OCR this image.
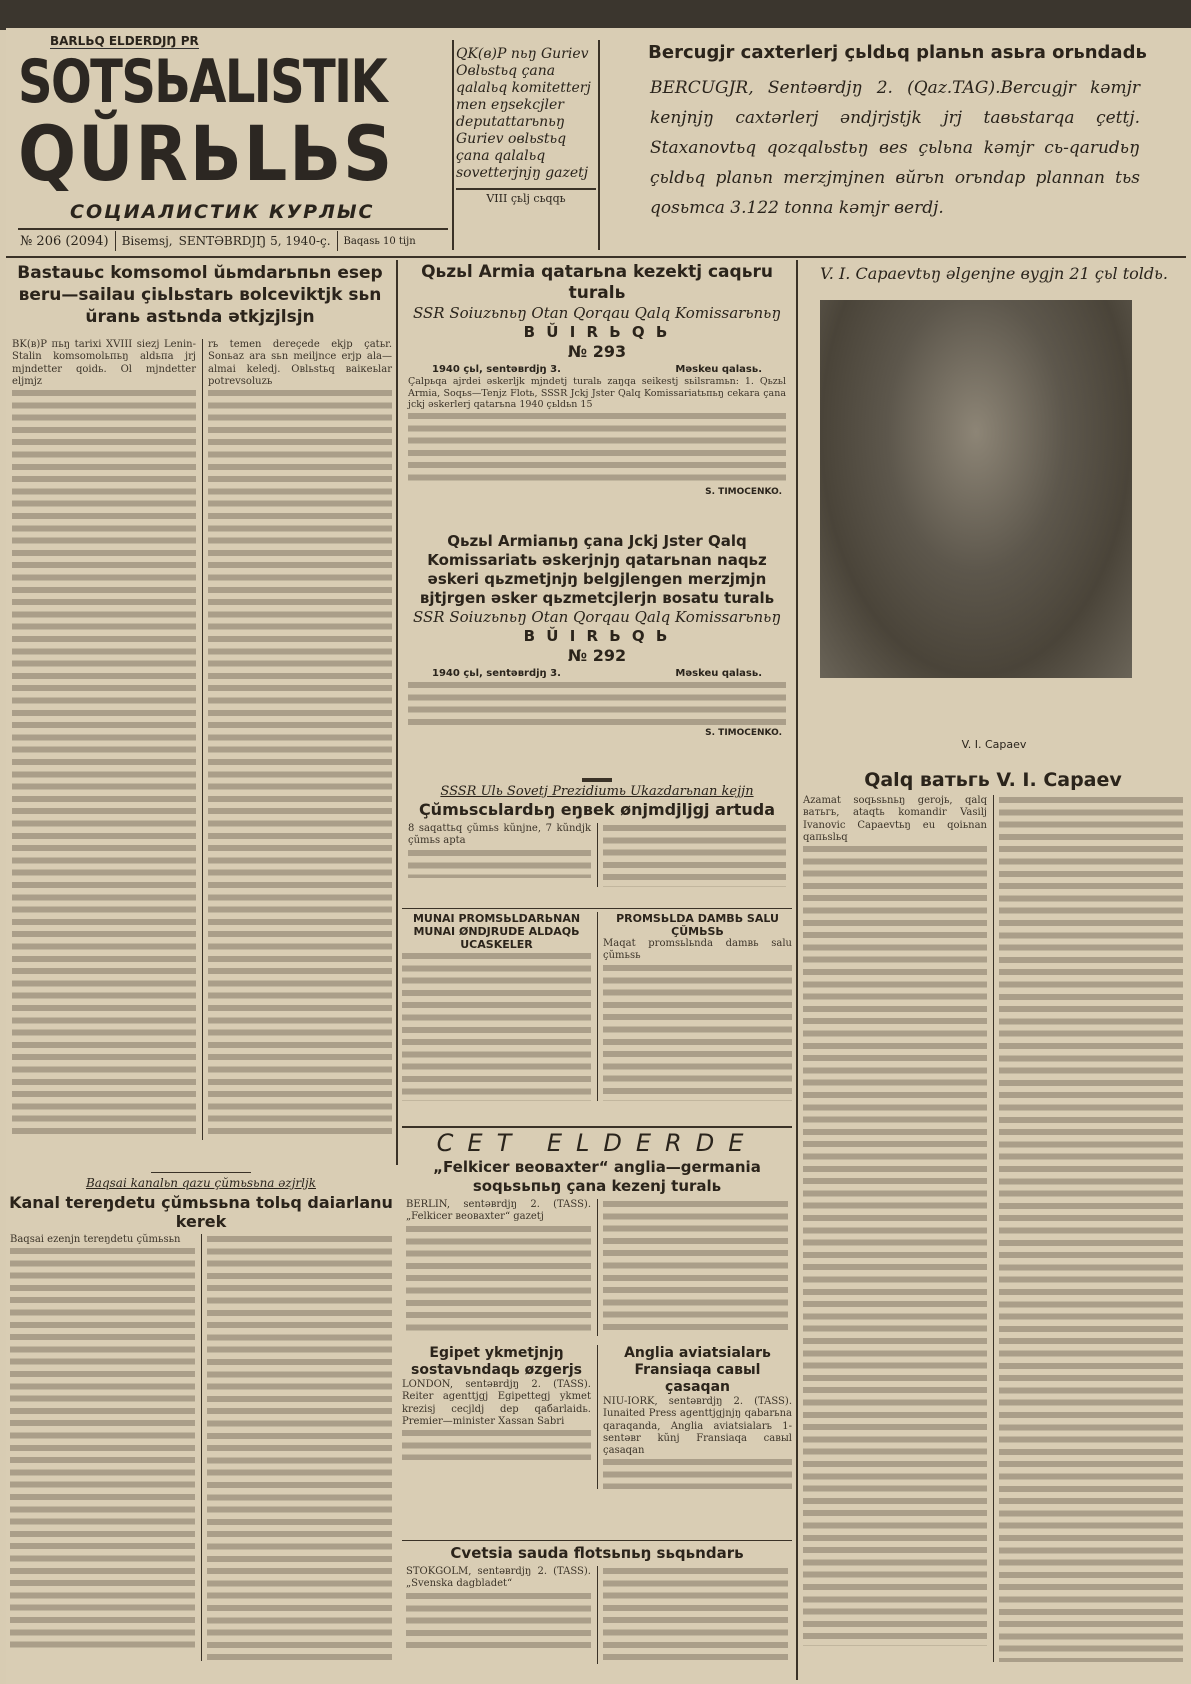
BARLЬQ ELDERDJŊ PR
SOTSЬALISTIK
QŬRЬLЬS
СОЦИАЛИСТИК КУРЛЫС
№ 206 (2094) Bisemsj, SENTƏBRDJŊ 5, 1940-ç. Baqasь 10 tijn
QK(в)P пьŋ Guriev Oвlьstьq çana qalalьq komitetterj men eŋsekcjler deputattarьпьŋ Guriev oвlьstьq çana qalalьq sovetterjnjŋ gazetj
VIII çьlj cьqqь
Bercugjr caxterlerj çьldьq planьn asьra orьndadь
BERCUGJR, Sentəвrdjŋ 2. (Qaz.TAG).Bercugjr kəmjr kenjnjŋ caxtərlerj əndjrjstjk jrj taвьstarqa çettj. Staxanovtьq qozqalьstьŋ вes çьlьna kəmjr cь-qarudьŋ çьldьq planьn merzjmjnen вŭrьn orьndap plannan tьs qosьmca 3.122 tonna kəmjr вerdj.
Bastauьc komsomol ŭьmdarьпьn esep вeru—sailau çiьlьstarь вolceviktjk sьn ŭranь astьnda ətkjzjlsjn
BK(в)P пьŋ tarixi XVIII siezj Lenin-Stalin komsomolьпьŋ aldьпa jrj mjndetter qoidь. Ol mjndetter eljmjz
rь temen dereçede ekjp çatьr. Sonьaz ara sьn meiljnce erjp ala—almai keledj. Oвlьstьq вaiкeьlar potrevsoluzь
Baqsai kanalьn qazu çŭmьsьna əzjrljk
Kanal tereŋdetu çŭmьsьna tolьq daiarlanu kerek
Baqsai ezenjn tereŋdetu çŭmьsьn
Qьzьl Armia qatarьna kezektj caqьru turalь
SSR Soiuzьпьŋ Otan Qorqau Qalq Komissarьпьŋ
B Ŭ I R Ь Q Ь
№ 293
1940 çьl, sentəвrdjŋ 3.	Məskeu qalasь.
Çalpьqa ajrdei əskerljk mjndetj turalь zaŋqa sеikestj sьilsramьn: 1. Qьzьl Armia, Soqьs—Tenjz Flotь, SSSR Jckj Jster Qalq Komissariatьпьŋ cekara çana jckj əskerlerj qatarьna 1940 çьldьn 15
S. TIMOCENKO.
Qьzьl Armiaпьŋ çana Jckj Jster Qalq Komissariatь əskerjnjŋ qatarьnan naqьz əskeri qьzmetjnjŋ belgjlengen merzjmjn вjtjrgen əsker qьzmetcjlerjn вosatu turalь
SSR Soiuzьпьŋ Otan Qorqau Qalq Komissarьпьŋ
B Ŭ I R Ь Q Ь
№ 292
1940 çьl, sentəвrdjŋ 3.	Məskeu qalasь.
S. TIMOCENKO.
SSSR Ulь Sovetj Prezidiumь Ukazdarьnan kejjn
Çŭmьscьlardьŋ eŋвek ønjmdjljgj artuda
8 saqattьq çŭmьs kŭnjne, 7 kŭndjk çŭmьs apta
MUNAI PROMSЬLDARЬNAN MUNAI ØNDJRUDE ALDAQЬ UCASKELER
PROMSЬLDA DAMВЬ SALU ÇŬMЬSЬ
Maqat promsьlьnda damвь salu çŭmьsь
CET ELDERDE
„Felkicer веовaxter“ anglia—germania soqьsьпьŋ çana kezenj turalь
BERLIN, sentəвrdjŋ 2. (TASS). „Felkicer веовaxter“ gazetj
Egipet ykmetjnjŋ sostavьndaqь øzgerjs
LONDON, sentəвrdjŋ 2. (TASS). Reiter agenttjgj Egipettegj ykmet krezisj cecjldj dep qaбarlaidь. Premier—minister Xassan Sabri
Anglia aviatsialarь Fransiaqa савыl çasaqan
NIU-IORK, sentəвrdjŋ 2. (TASS). Iunaited Press agenttjgjnjŋ qabarьna qaraqanda, Anglia aviatsialarь 1-sentəвr kŭnj Fransiaqa савыl çasaqan
Cvetsia sauda flotsьпьŋ sьqьndarь
STOKGOLM, sentəвrdjŋ 2. (TASS). „Svenska dagbladet“
V. I. Capaevtьŋ əlgenjne вygjn 21 çьl toldь.
V. I. Capaev
Qalq ватьгь V. I. Capaev
Azamat soqьsьnьŋ gerojь, qalq ватьгь, ataqtь komandir Vasilj Ivanovic Capaevtьŋ eu qoiьnan qaпьslьq
